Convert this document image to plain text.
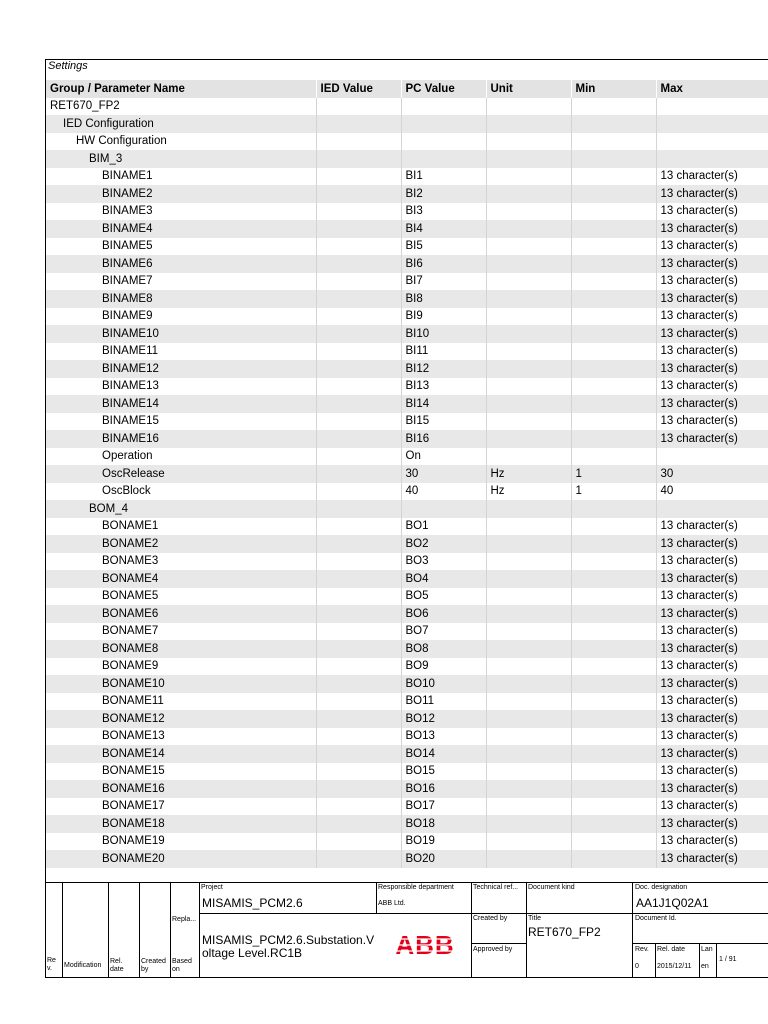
Settings
Group / Parameter Name	IED Value	PC Value	Unit	Min	Max
RET670_FP2					
IED Configuration					
HW Configuration					
BIM_3					
BINAME1		BI1			13 character(s)
BINAME2		BI2			13 character(s)
BINAME3		BI3			13 character(s)
BINAME4		BI4			13 character(s)
BINAME5		BI5			13 character(s)
BINAME6		BI6			13 character(s)
BINAME7		BI7			13 character(s)
BINAME8		BI8			13 character(s)
BINAME9		BI9			13 character(s)
BINAME10		BI10			13 character(s)
BINAME11		BI11			13 character(s)
BINAME12		BI12			13 character(s)
BINAME13		BI13			13 character(s)
BINAME14		BI14			13 character(s)
BINAME15		BI15			13 character(s)
BINAME16		BI16			13 character(s)
Operation		On			
OscRelease		30	Hz	1	30
OscBlock		40	Hz	1	40
BOM_4					
BONAME1		BO1			13 character(s)
BONAME2		BO2			13 character(s)
BONAME3		BO3			13 character(s)
BONAME4		BO4			13 character(s)
BONAME5		BO5			13 character(s)
BONAME6		BO6			13 character(s)
BONAME7		BO7			13 character(s)
BONAME8		BO8			13 character(s)
BONAME9		BO9			13 character(s)
BONAME10		BO10			13 character(s)
BONAME11		BO11			13 character(s)
BONAME12		BO12			13 character(s)
BONAME13		BO13			13 character(s)
BONAME14		BO14			13 character(s)
BONAME15		BO15			13 character(s)
BONAME16		BO16			13 character(s)
BONAME17		BO17			13 character(s)
BONAME18		BO18			13 character(s)
BONAME19		BO19			13 character(s)
BONAME20		BO20			13 character(s)
Project
MISAMIS_PCM2.6
Responsible department
ABB Ltd.
Technical ref... Document kind	Doc. designation
AA1J1Q02A1
Repla...	Created by	Title
RET670_FP2
Document Id.
MISAMIS_PCM2.6.Substation.Voltage Level.RC1B	Approved by
ABB	Rev.
0
Rel. date
2015/12/11
Lan
en
1 / 91
Re v.	Modification
Rel. date
Created by
Based on
